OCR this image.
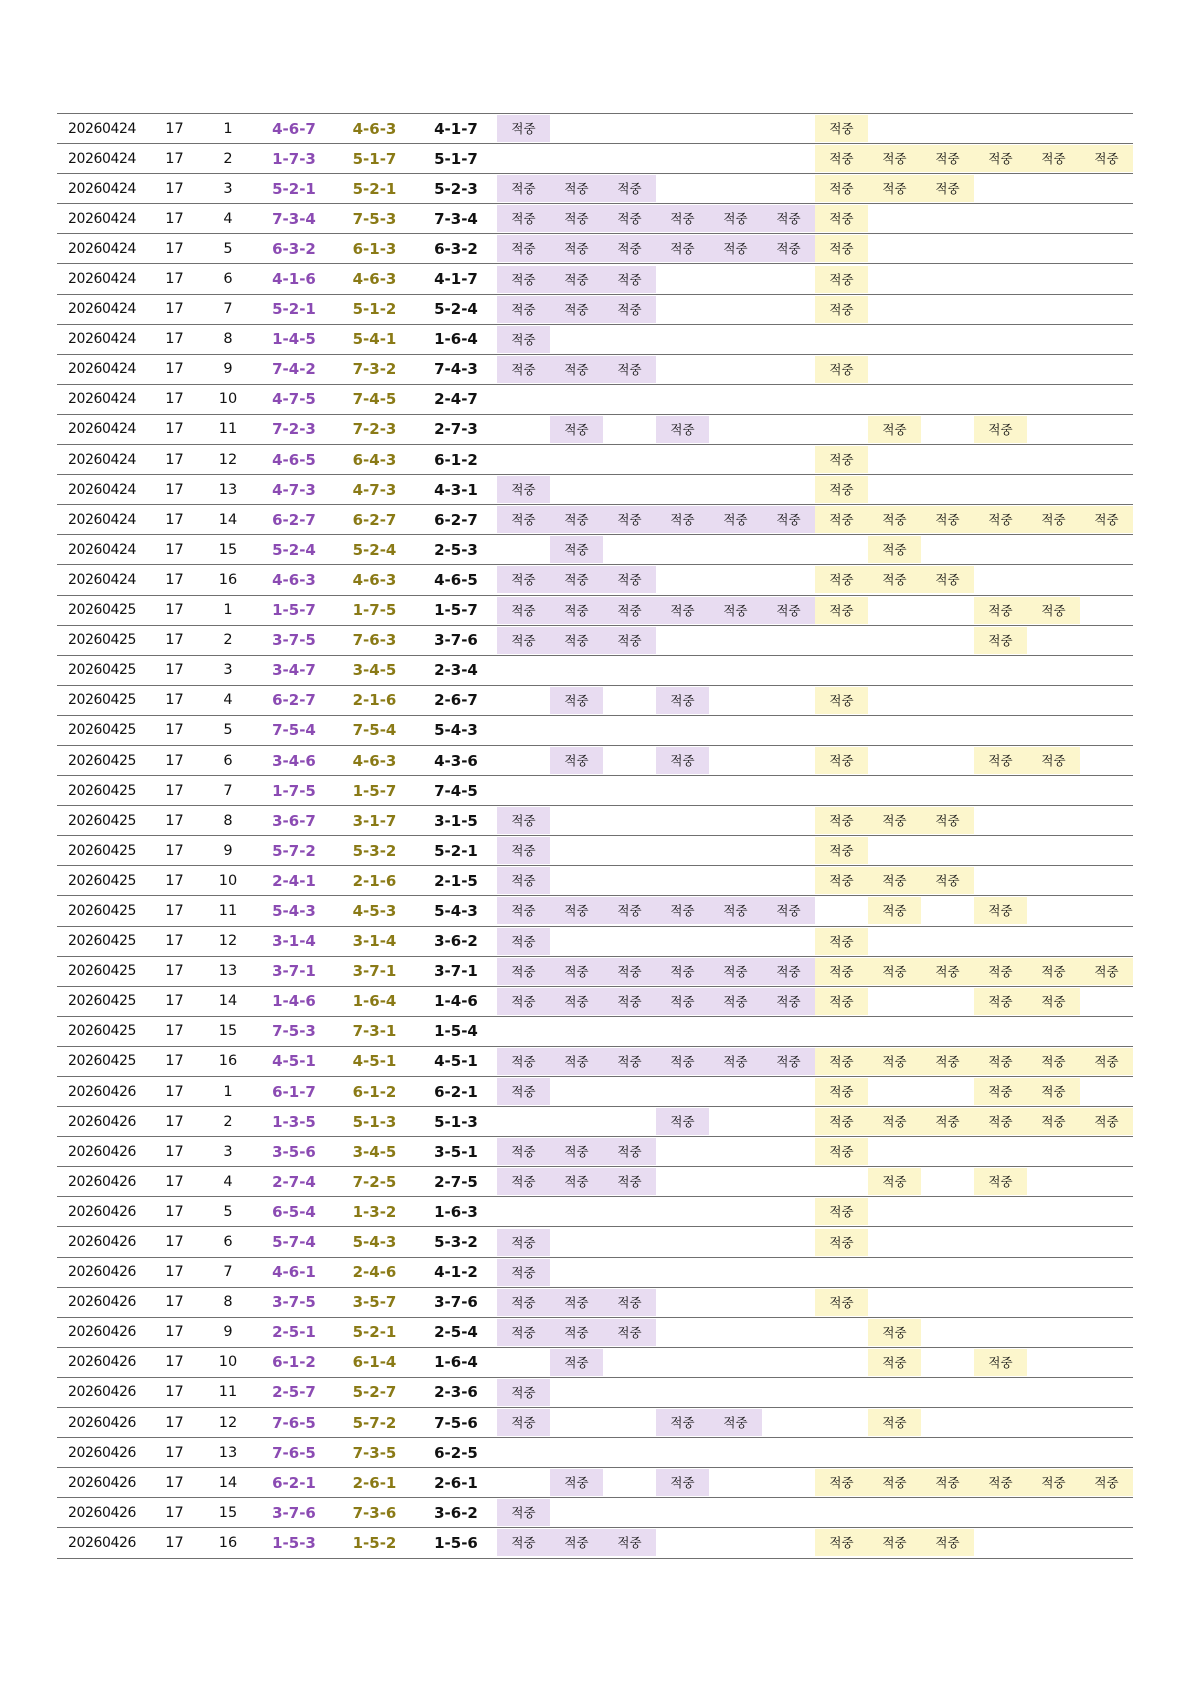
20260424	17	1	4-6-7	4-6-3	4-1-7	적중						적중					

20260424	17	2	1-7-3	5-1-7	5-1-7							적중	적중	적중	적중	적중	적중

20260424	17	3	5-2-1	5-2-1	5-2-3	적중	적중	적중				적중	적중	적중			

20260424	17	4	7-3-4	7-5-3	7-3-4	적중	적중	적중	적중	적중	적중	적중					

20260424	17	5	6-3-2	6-1-3	6-3-2	적중	적중	적중	적중	적중	적중	적중					

20260424	17	6	4-1-6	4-6-3	4-1-7	적중	적중	적중				적중					

20260424	17	7	5-2-1	5-1-2	5-2-4	적중	적중	적중				적중					

20260424	17	8	1-4-5	5-4-1	1-6-4	적중											

20260424	17	9	7-4-2	7-3-2	7-4-3	적중	적중	적중				적중					

20260424	17	10	4-7-5	7-4-5	2-4-7												
20260424	17	11	7-2-3	7-2-3	2-7-3		적중		적중				적중		적중		

20260424	17	12	4-6-5	6-4-3	6-1-2							적중					

20260424	17	13	4-7-3	4-7-3	4-3-1	적중						적중					

20260424	17	14	6-2-7	6-2-7	6-2-7	적중	적중	적중	적중	적중	적중	적중	적중	적중	적중	적중	적중

20260424	17	15	5-2-4	5-2-4	2-5-3		적중						적중				

20260424	17	16	4-6-3	4-6-3	4-6-5	적중	적중	적중				적중	적중	적중			

20260425	17	1	1-5-7	1-7-5	1-5-7	적중	적중	적중	적중	적중	적중	적중			적중	적중	

20260425	17	2	3-7-5	7-6-3	3-7-6	적중	적중	적중							적중		

20260425	17	3	3-4-7	3-4-5	2-3-4												
20260425	17	4	6-2-7	2-1-6	2-6-7		적중		적중			적중					

20260425	17	5	7-5-4	7-5-4	5-4-3												
20260425	17	6	3-4-6	4-6-3	4-3-6		적중		적중			적중			적중	적중	

20260425	17	7	1-7-5	1-5-7	7-4-5												
20260425	17	8	3-6-7	3-1-7	3-1-5	적중						적중	적중	적중			

20260425	17	9	5-7-2	5-3-2	5-2-1	적중						적중					

20260425	17	10	2-4-1	2-1-6	2-1-5	적중						적중	적중	적중			

20260425	17	11	5-4-3	4-5-3	5-4-3	적중	적중	적중	적중	적중	적중		적중		적중		

20260425	17	12	3-1-4	3-1-4	3-6-2	적중						적중					

20260425	17	13	3-7-1	3-7-1	3-7-1	적중	적중	적중	적중	적중	적중	적중	적중	적중	적중	적중	적중

20260425	17	14	1-4-6	1-6-4	1-4-6	적중	적중	적중	적중	적중	적중	적중			적중	적중	

20260425	17	15	7-5-3	7-3-1	1-5-4												
20260425	17	16	4-5-1	4-5-1	4-5-1	적중	적중	적중	적중	적중	적중	적중	적중	적중	적중	적중	적중

20260426	17	1	6-1-7	6-1-2	6-2-1	적중						적중			적중	적중	

20260426	17	2	1-3-5	5-1-3	5-1-3				적중			적중	적중	적중	적중	적중	적중

20260426	17	3	3-5-6	3-4-5	3-5-1	적중	적중	적중				적중					

20260426	17	4	2-7-4	7-2-5	2-7-5	적중	적중	적중					적중		적중		

20260426	17	5	6-5-4	1-3-2	1-6-3							적중					

20260426	17	6	5-7-4	5-4-3	5-3-2	적중						적중					

20260426	17	7	4-6-1	2-4-6	4-1-2	적중											

20260426	17	8	3-7-5	3-5-7	3-7-6	적중	적중	적중				적중					

20260426	17	9	2-5-1	5-2-1	2-5-4	적중	적중	적중					적중				

20260426	17	10	6-1-2	6-1-4	1-6-4		적중						적중		적중		

20260426	17	11	2-5-7	5-2-7	2-3-6	적중											

20260426	17	12	7-6-5	5-7-2	7-5-6	적중			적중	적중			적중				

20260426	17	13	7-6-5	7-3-5	6-2-5												
20260426	17	14	6-2-1	2-6-1	2-6-1		적중		적중			적중	적중	적중	적중	적중	적중

20260426	17	15	3-7-6	7-3-6	3-6-2	적중											

20260426	17	16	1-5-3	1-5-2	1-5-6	적중	적중	적중				적중	적중	적중			
